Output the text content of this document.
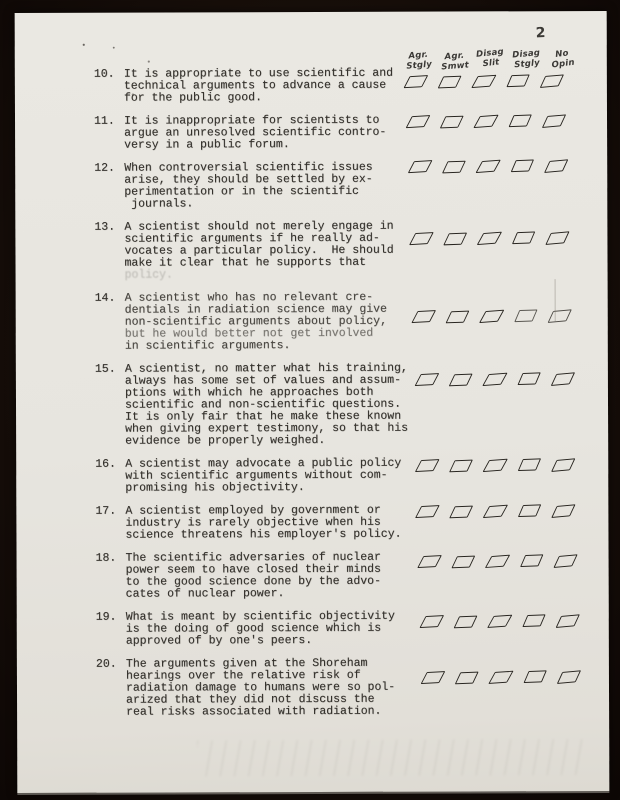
2
Agr.
Stgly
Agr.
Smwt
Disag
Slit
Disag
Stgly
No
Opin
10. It is appropriate to use scientific and
technical arguments to advance a cause
for the public good.
11. It is inappropriate for scientists to
argue an unresolved scientific contro-
versy in a public forum.
12. When controversial scientific issues
arise, they should be settled by ex-
perimentation or in the scientific
journals.
13. A scientist should not merely engage in
scientific arguments if he really ad-
vocates a particular policy.  He should
make it clear that he supports that
policy.
14. A scientist who has no relevant cre-
dentials in radiation science may give
non-scientific arguments about policy,
but he would better not get involved
in scientific arguments.
15. A scientist, no matter what his training,
always has some set of values and assum-
ptions with which he approaches both
scientific and non-scientific questions.
It is only fair that he make these known
when giving expert testimony, so that his
evidence be properly weighed.
16. A scientist may advocate a public policy
with scientific arguments without com-
promising his objectivity.
17. A scientist employed by government or
industry is rarely objective when his
science threatens his employer's policy.
18. The scientific adversaries of nuclear
power seem to have closed their minds
to the good science done by the advo-
cates of nuclear power.
19. What is meant by scientific objectivity
is the doing of good science which is
approved of by one's peers.
20. The arguments given at the Shoreham
hearings over the relative risk of
radiation damage to humans were so pol-
arized that they did not discuss the
real risks associated with radiation.
